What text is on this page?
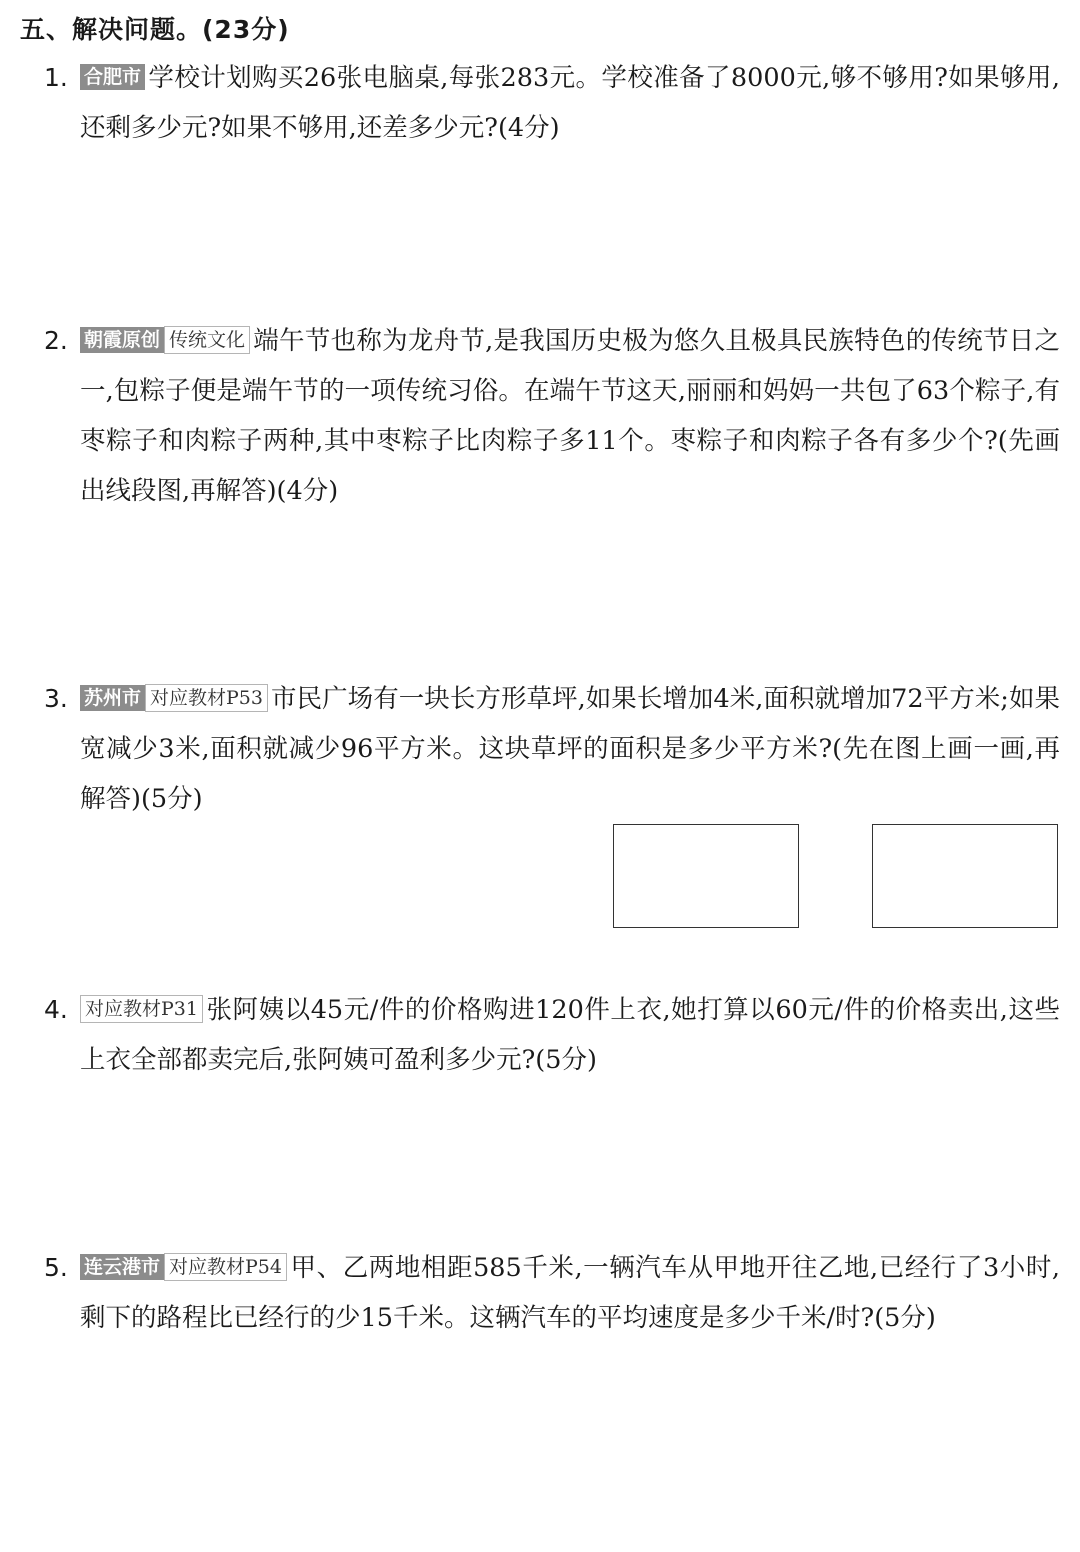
五、解决问题。(23分)
1. 合肥市 学校计划购买26张电脑桌,每张283元。学校准备了8000元,够不够用?如果够用,还剩多少元?如果不够用,还差多少元?(4分)

2. 朝霞原创 传统文化 端午节也称为龙舟节,是我国历史极为悠久且极具民族特色的传统节日之一,包粽子便是端午节的一项传统习俗。在端午节这天,丽丽和妈妈一共包了63个粽子,有枣粽子和肉粽子两种,其中枣粽子比肉粽子多11个。枣粽子和肉粽子各有多少个?(先画出线段图,再解答)(4分)

3. 苏州市 对应教材P53 市民广场有一块长方形草坪,如果长增加4米,面积就增加72平方米;如果宽减少3米,面积就减少96平方米。这块草坪的面积是多少平方米?(先在图上画一画,再解答)(5分)

4. 对应教材P31 张阿姨以45元/件的价格购进120件上衣,她打算以60元/件的价格卖出,这些上衣全部都卖完后,张阿姨可盈利多少元?(5分)

5. 连云港市 对应教材P54 甲、乙两地相距585千米,一辆汽车从甲地开往乙地,已经行了3小时,剩下的路程比已经行的少15千米。这辆汽车的平均速度是多少千米/时?(5分)
